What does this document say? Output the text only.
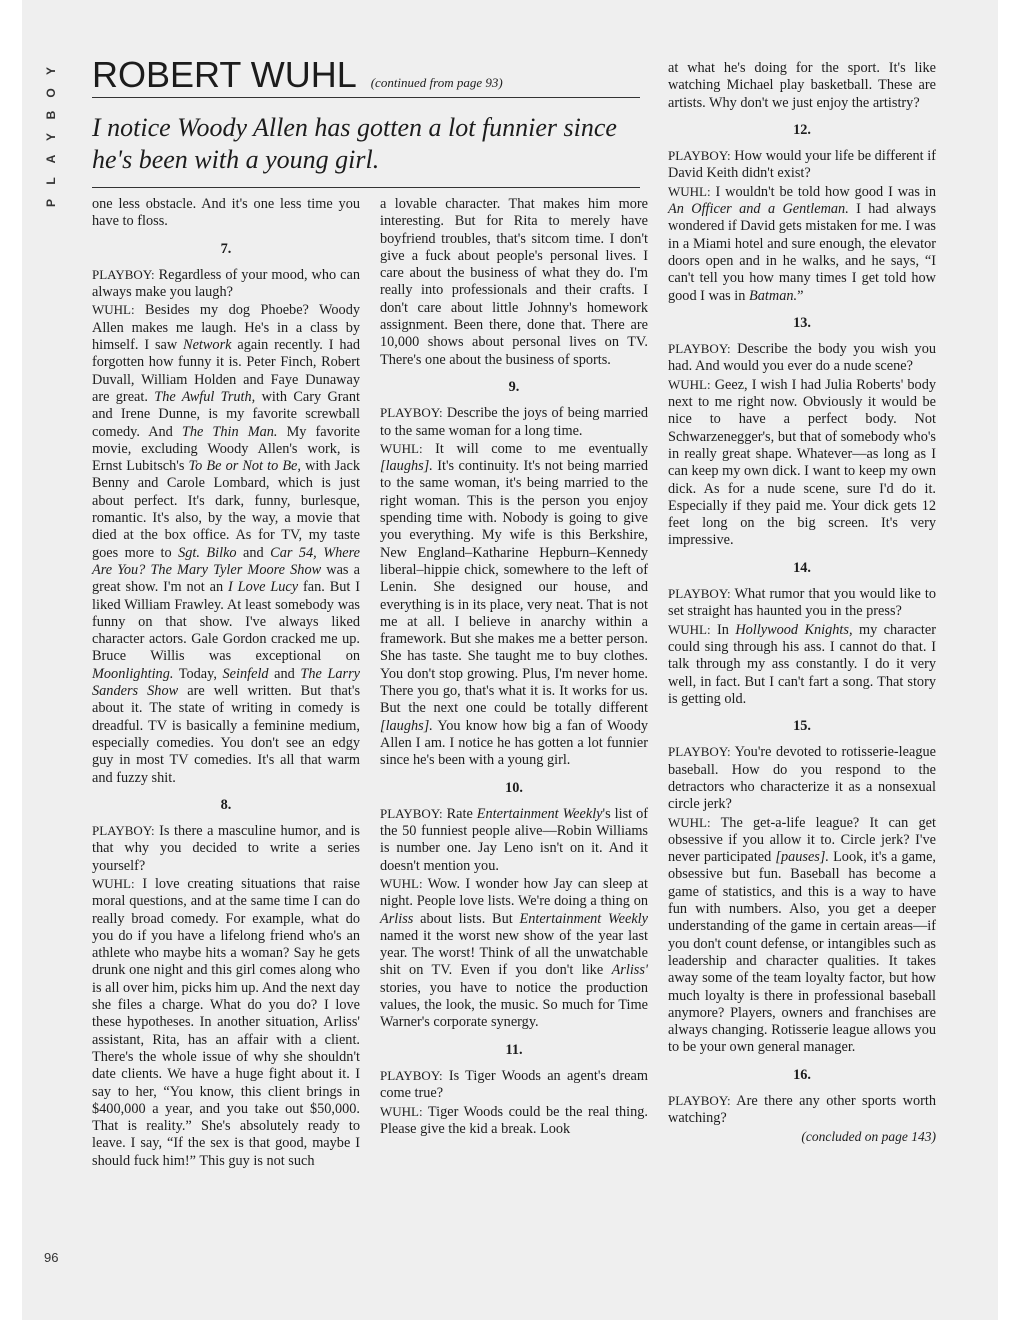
Y
O
B
Y
A
L
P
ROBERT WUHL (continued from page 93)
I notice Woody Allen has gotten a lot funnier since he's been with a young girl.

one less obstacle. And it's one less time you have to floss.

7.

PLAYBOY: Regardless of your mood, who can always make you laugh?

WUHL: Besides my dog Phoebe? Woody Allen makes me laugh. He's in a class by himself. I saw Network again recently. I had forgotten how funny it is. Peter Finch, Robert Duvall, William Holden and Faye Dunaway are great. The Awful Truth, with Cary Grant and Irene Dunne, is my favorite screwball comedy. And The Thin Man. My favorite movie, excluding Woody Allen's work, is Ernst Lubitsch's To Be or Not to Be, with Jack Benny and Carole Lombard, which is just about perfect. It's dark, funny, burlesque, romantic. It's also, by the way, a movie that died at the box office. As for TV, my taste goes more to Sgt. Bilko and Car 54, Where Are You? The Mary Tyler Moore Show was a great show. I'm not an I Love Lucy fan. But I liked William Frawley. At least somebody was funny on that show. I've always liked character actors. Gale Gordon cracked me up. Bruce Willis was exceptional on Moonlighting. Today, Seinfeld and The Larry Sanders Show are well written. But that's about it. The state of writing in comedy is dreadful. TV is basically a feminine medium, especially comedies. You don't see an edgy guy in most TV comedies. It's all that warm and fuzzy shit.

8.

PLAYBOY: Is there a masculine humor, and is that why you decided to write a series yourself?

WUHL: I love creating situations that raise moral questions, and at the same time I can do really broad comedy. For example, what do you do if you have a lifelong friend who's an athlete who maybe hits a woman? Say he gets drunk one night and this girl comes along who is all over him, picks him up. And the next day she files a charge. What do you do? I love these hypotheses. In another situation, Arliss' assistant, Rita, has an affair with a client. There's the whole issue of why she shouldn't date clients. We have a huge fight about it. I say to her, “You know, this client brings in $400,000 a year, and you take out $50,000. That is reality.” She's absolutely ready to leave. I say, “If the sex is that good, maybe I should fuck him!” This guy is not such

a lovable character. That makes him more interesting. But for Rita to merely have boyfriend troubles, that's sitcom time. I don't give a fuck about people's personal lives. I care about the business of what they do. I'm really into professionals and their crafts. I don't care about little Johnny's homework assignment. Been there, done that. There are 10,000 shows about personal lives on TV. There's one about the business of sports.

9.

PLAYBOY: Describe the joys of being married to the same woman for a long time.

WUHL: It will come to me eventually [laughs]. It's continuity. It's not being married to the same woman, it's being married to the right woman. This is the person you enjoy spending time with. Nobody is going to give you everything. My wife is this Berkshire, New England–Katharine Hepburn–Kennedy liberal–hippie chick, somewhere to the left of Lenin. She designed our house, and everything is in its place, very neat. That is not me at all. I believe in anarchy within a framework. But she makes me a better person. She has taste. She taught me to buy clothes. You don't stop growing. Plus, I'm never home. There you go, that's what it is. It works for us. But the next one could be totally different [laughs]. You know how big a fan of Woody Allen I am. I notice he has gotten a lot funnier since he's been with a young girl.

10.

PLAYBOY: Rate Entertainment Weekly's list of the 50 funniest people alive—Robin Williams is number one. Jay Leno isn't on it. And it doesn't mention you.

WUHL: Wow. I wonder how Jay can sleep at night. People love lists. We're doing a thing on Arliss about lists. But Entertainment Weekly named it the worst new show of the year last year. The worst! Think of all the unwatchable shit on TV. Even if you don't like Arliss' stories, you have to notice the production values, the look, the music. So much for Time Warner's corporate synergy.

11.

PLAYBOY: Is Tiger Woods an agent's dream come true?

WUHL: Tiger Woods could be the real thing. Please give the kid a break. Look

at what he's doing for the sport. It's like watching Michael play basketball. These are artists. Why don't we just enjoy the artistry?

12.

PLAYBOY: How would your life be different if David Keith didn't exist?

WUHL: I wouldn't be told how good I was in An Officer and a Gentleman. I had always wondered if David gets mistaken for me. I was in a Miami hotel and sure enough, the elevator doors open and in he walks, and he says, “I can't tell you how many times I get told how good I was in Batman.”

13.

PLAYBOY: Describe the body you wish you had. And would you ever do a nude scene?

WUHL: Geez, I wish I had Julia Roberts' body next to me right now. Obviously it would be nice to have a perfect body. Not Schwarzenegger's, but that of somebody who's in really great shape. Whatever—as long as I can keep my own dick. I want to keep my own dick. As for a nude scene, sure I'd do it. Especially if they paid me. Your dick gets 12 feet long on the big screen. It's very impressive.

14.

PLAYBOY: What rumor that you would like to set straight has haunted you in the press?

WUHL: In Hollywood Knights, my character could sing through his ass. I cannot do that. I talk through my ass constantly. I do it very well, in fact. But I can't fart a song. That story is getting old.

15.

PLAYBOY: You're devoted to rotisserie-league baseball. How do you respond to the detractors who characterize it as a nonsexual circle jerk?

WUHL: The get-a-life league? It can get obsessive if you allow it to. Circle jerk? I've never participated [pauses]. Look, it's a game, obsessive but fun. Baseball has become a game of statistics, and this is a way to have fun with numbers. Also, you get a deeper understanding of the game in certain areas—if you don't count defense, or intangibles such as leadership and character qualities. It takes away some of the team loyalty factor, but how much loyalty is there in professional baseball anymore? Players, owners and franchises are always changing. Rotisserie league allows you to be your own general manager.

16.

PLAYBOY: Are there any other sports worth watching?

(concluded on page 143)

96
